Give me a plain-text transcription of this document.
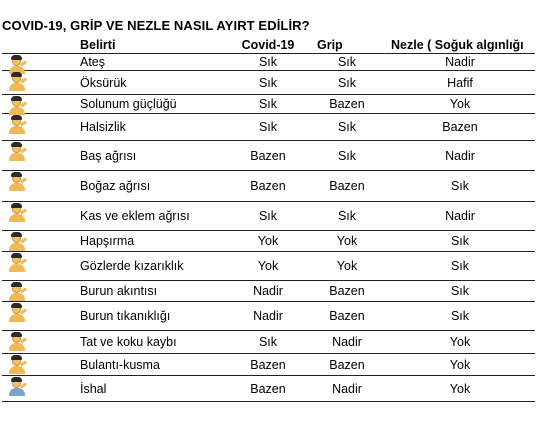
COVID-19, GRİP VE NEZLE NASIL AYIRT EDİLİR?
Belirti	Covid-19	Grip	Nezle ( Soğuk algınlığı
Ateş	Sık	Sık	Nadir
Öksürük	Sık	Sık	Hafif
Solunum güçlüğü	Sık	Bazen	Yok
Halsizlik	Sık	Sık	Bazen
Baş ağrısı	Bazen	Sık	Nadir
Boğaz ağrısı	Bazen	Bazen	Sık
Kas ve eklem ağrısı	Sık	Sık	Nadir
Hapşırma	Yok	Yok	Sık
Gözlerde kızarıklık	Yok	Yok	Sık
Burun akıntısı	Nadir	Bazen	Sık
Burun tıkanıklığı	Nadir	Bazen	Sık
Tat ve koku kaybı	Sık	Nadir	Yok
Bulantı-kusma	Bazen	Bazen	Yok
İshal	Bazen	Nadir	Yok
